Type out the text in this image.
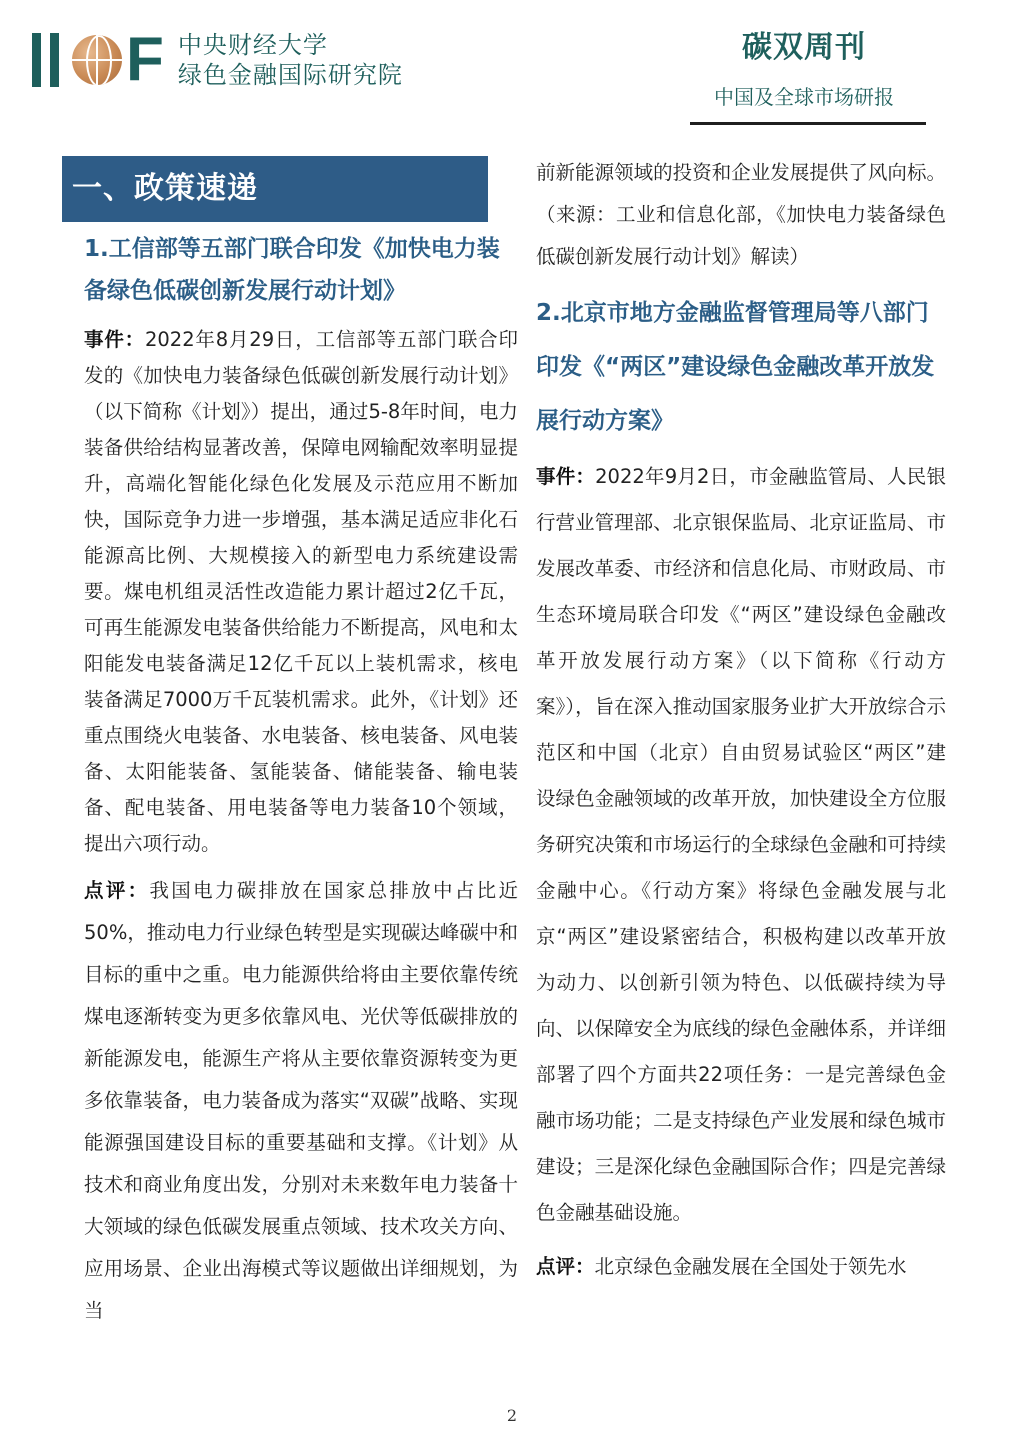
F 中央财经大学
绿色金融国际研究院
碳双周刊
中国及全球市场研报
一、政策速递
1.工信部等五部门联合印发《加快电力装备绿色低碳创新发展行动计划》

事件：2022年8月29日，工信部等五部门联合印发的《加快电力装备绿色低碳创新发展行动计划》（以下简称《计划》）提出，通过5-8年时间，电力装备供给结构显著改善，保障电网输配效率明显提升，高端化智能化绿色化发展及示范应用不断加快，国际竞争力进一步增强，基本满足适应非化石能源高比例、大规模接入的新型电力系统建设需要。煤电机组灵活性改造能力累计超过2亿千瓦，可再生能源发电装备供给能力不断提高，风电和太阳能发电装备满足12亿千瓦以上装机需求，核电装备满足7000万千瓦装机需求。此外，《计划》还重点围绕火电装备、水电装备、核电装备、风电装备、太阳能装备、氢能装备、储能装备、输电装备、配电装备、用电装备等电力装备10个领域，提出六项行动。

点评：我国电力碳排放在国家总排放中占比近50%，推动电力行业绿色转型是实现碳达峰碳中和目标的重中之重。电力能源供给将由主要依靠传统煤电逐渐转变为更多依靠风电、光伏等低碳排放的新能源发电，能源生产将从主要依靠资源转变为更多依靠装备，电力装备成为落实“双碳”战略、实现能源强国建设目标的重要基础和支撑。《计划》从技术和商业角度出发，分别对未来数年电力装备十大领域的绿色低碳发展重点领域、技术攻关方向、应用场景、企业出海模式等议题做出详细规划，为当

前新能源领域的投资和企业发展提供了风向标。（来源：工业和信息化部，《加快电力装备绿色低碳创新发展行动计划》解读）

2.北京市地方金融监督管理局等八部门印发《“两区”建设绿色金融改革开放发展行动方案》

事件：2022年9月2日，市金融监管局、人民银行营业管理部、北京银保监局、北京证监局、市发展改革委、市经济和信息化局、市财政局、市生态环境局联合印发《“两区”建设绿色金融改革开放发展行动方案》（以下简称《行动方案》），旨在深入推动国家服务业扩大开放综合示范区和中国（北京）自由贸易试验区“两区”建设绿色金融领域的改革开放，加快建设全方位服务研究决策和市场运行的全球绿色金融和可持续金融中心。《行动方案》将绿色金融发展与北京“两区”建设紧密结合，积极构建以改革开放为动力、以创新引领为特色、以低碳持续为导向、以保障安全为底线的绿色金融体系，并详细部署了四个方面共22项任务：一是完善绿色金融市场功能；二是支持绿色产业发展和绿色城市建设；三是深化绿色金融国际合作；四是完善绿色金融基础设施。

点评：北京绿色金融发展在全国处于领先水

2
